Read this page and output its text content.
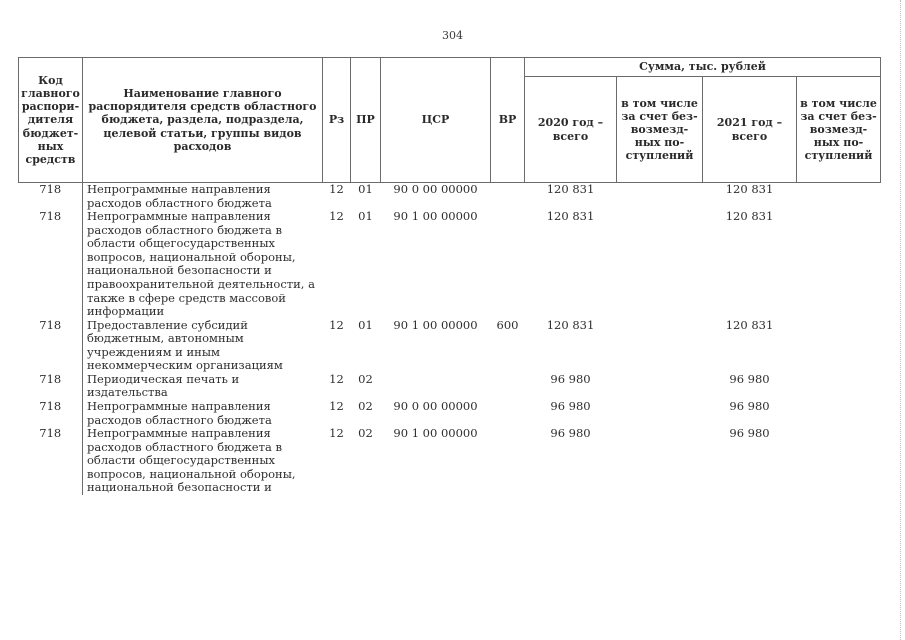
304
Код главного распори-дителя бюджет-ных средств	Наименование главного распорядителя средств областного бюджета, раздела, подраздела, целевой статьи, группы видов расходов	Рз	ПР	ЦСР	ВР	Сумма, тыс. рублей			
						2020 год – всего	в том числе за счет без-возмезд-ных по-ступлений	2021 год – всего	в том числе за счет без-возмезд-ных по-ступлений
718	Непрограммные направления расходов областного бюджета	12	01	90 0 00 00000		120 831		120 831	
718	Непрограммные направления расходов областного бюджета в области общегосударственных вопросов, национальной обороны, национальной безопасности и правоохранительной деятельности, а также в сфере средств массовой информации	12	01	90 1 00 00000		120 831		120 831	
718	Предоставление субсидий бюджетным, автономным учреждениям и иным некоммерческим организациям	12	01	90 1 00 00000	600	120 831		120 831	
718	Периодическая печать и издательства	12	02			96 980		96 980	
718	Непрограммные направления расходов областного бюджета	12	02	90 0 00 00000		96 980		96 980	
718	Непрограммные направления расходов областного бюджета в области общегосударственных вопросов, национальной обороны, национальной безопасности и	12	02	90 1 00 00000		96 980		96 980	
